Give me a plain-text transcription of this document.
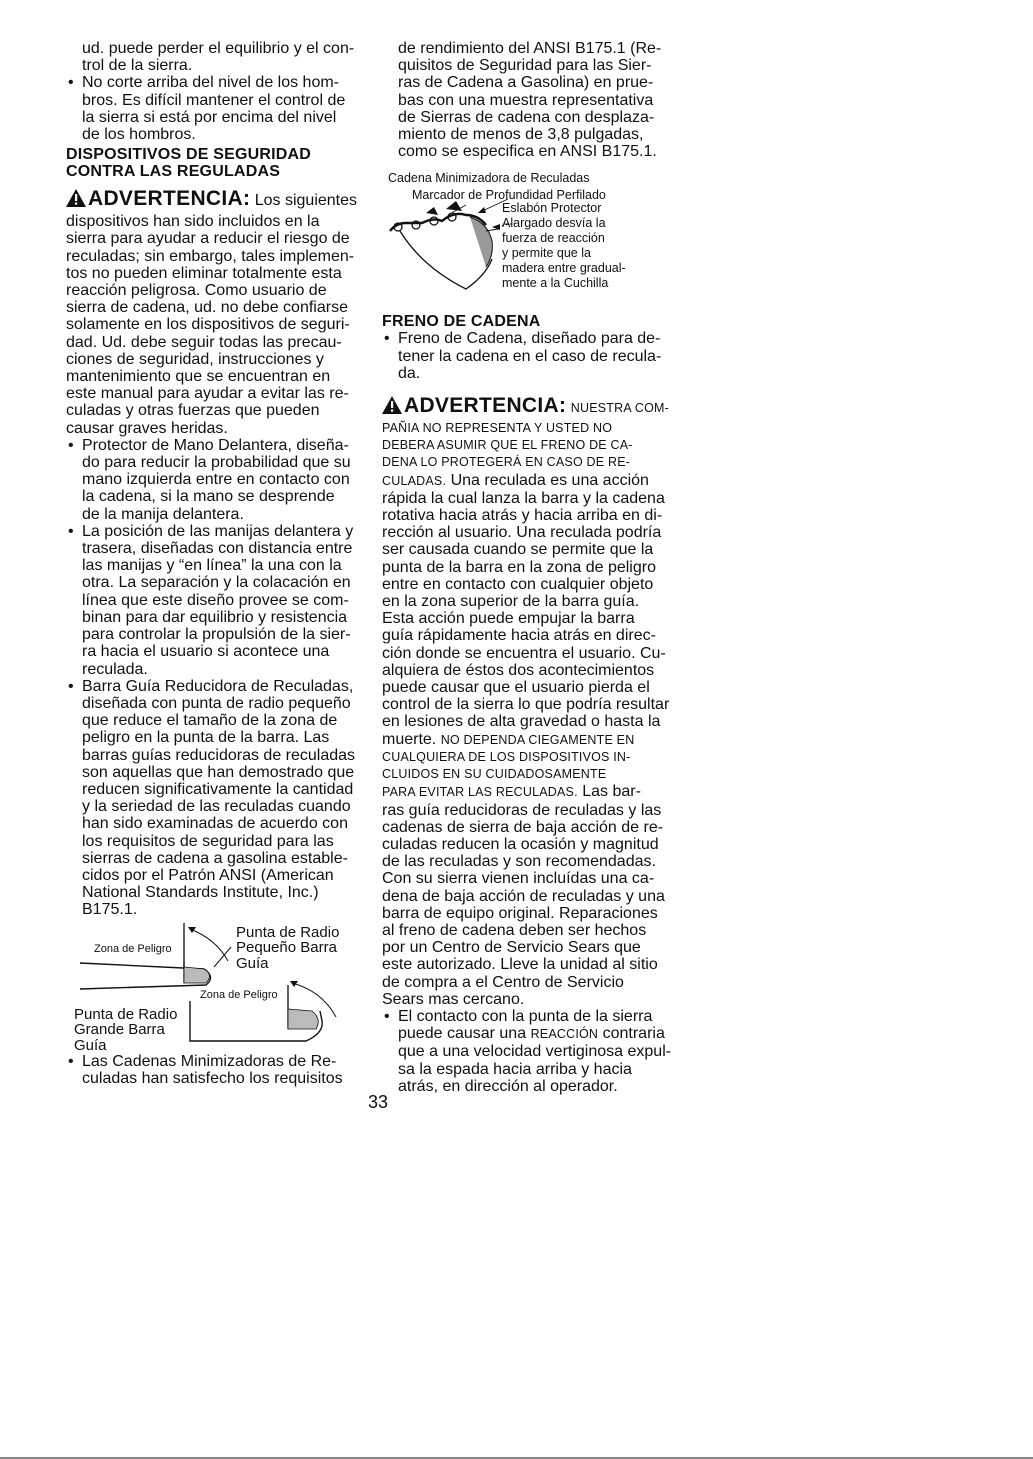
ud. puede perder el equilibrio y el con-

trol de la sierra.

• No corte arriba del nivel de los hom-

bros. Es difícil mantener el control de

la sierra si está por encima del nivel

de los hombros.

DISPOSITIVOS DE SEGURIDAD

CONTRA LAS REGULADAS

ADVERTENCIA: Los siguientes

dispositivos han sido incluidos en la

sierra para ayudar a reducir el riesgo de

reculadas; sin embargo, tales implemen-

tos no pueden eliminar totalmente esta

reacción peligrosa. Como usuario de

sierra de cadena, ud. no debe confiarse

solamente en los dispositivos de seguri-

dad. Ud. debe seguir todas las precau-

ciones de seguridad, instrucciones y

mantenimiento que se encuentran en

este manual para ayudar a evitar las re-

culadas y otras fuerzas que pueden

causar graves heridas.

• Protector de Mano Delantera, diseña-

do para reducir la probabilidad que su

mano izquierda entre en contacto con

la cadena, si la mano se desprende

de la manija delantera.

• La posición de las manijas delantera y

trasera, diseñadas con distancia entre

las manijas y “en línea” la una con la

otra. La separación y la colacación en

línea que este diseño provee se com-

binan para dar equilibrio y resistencia

para controlar la propulsión de la sier-

ra hacia el usuario si acontece una

reculada.

• Barra Guía Reducidora de Reculadas,

diseñada con punta de radio pequeño

que reduce el tamaño de la zona de

peligro en la punta de la barra. Las

barras guías reducidoras de reculadas

son aquellas que han demostrado que

reducen significativamente la cantidad

y la seriedad de las reculadas cuando

han sido examinadas de acuerdo con

los requisitos de seguridad para las

sierras de cadena a gasolina estable-

cidos por el Patrón ANSI (American

National Standards Institute, Inc.)

B175.1.

Punta de Radio
Pequeño Barra
Guía
Zona de Peligro
Zona de Peligro
Punta de Radio
Grande Barra
Guía

• Las Cadenas Minimizadoras de Re-

culadas han satisfecho los requisitos

de rendimiento del ANSI B175.1 (Re-

quisitos de Seguridad para las Sier-

ras de Cadena a Gasolina) en prue-

bas con una muestra representativa

de Sierras de cadena con desplaza-

miento de menos de 3,8 pulgadas,

como se especifica en ANSI B175.1.

Cadena Minimizadora de Reculadas
Marcador de Profundidad Perfilado
Eslabón Protector
Alargado desvía la
fuerza de reacción
y permite que la
madera entre gradual-
mente a la Cuchilla
FRENO DE CADENA

• Freno de Cadena, diseñado para de-

tener la cadena en el caso de recula-

da.

ADVERTENCIA: NUESTRA COM-

PAÑIA NO REPRESENTA Y USTED NO

DEBERA ASUMIR QUE EL FRENO DE CA-

DENA LO PROTEGERÁ EN CASO DE RE-

CULADAS. Una reculada es una acción

rápida la cual lanza la barra y la cadena

rotativa hacia atrás y hacia arriba en di-

rección al usuario. Una reculada podría

ser causada cuando se permite que la

punta de la barra en la zona de peligro

entre en contacto con cualquier objeto

en la zona superior de la barra guía.

Esta acción puede empujar la barra

guía rápidamente hacia atrás en direc-

ción donde se encuentra el usuario. Cu-

alquiera de éstos dos acontecimientos

puede causar que el usuario pierda el

control de la sierra lo que podría resultar

en lesiones de alta gravedad o hasta la

muerte. NO DEPENDA CIEGAMENTE EN

CUALQUIERA DE LOS DISPOSITIVOS IN-

CLUIDOS EN SU CUIDADOSAMENTE

PARA EVITAR LAS RECULADAS. Las bar-

ras guía reducidoras de reculadas y las

cadenas de sierra de baja acción de re-

culadas reducen la ocasión y magnitud

de las reculadas y son recomendadas.

Con su sierra vienen incluídas una ca-

dena de baja acción de reculadas y una

barra de equipo original. Reparaciones

al freno de cadena deben ser hechos

por un Centro de Servicio Sears que

este autorizado. Lleve la unidad al sitio

de compra a el Centro de Servicio

Sears mas cercano.

• El contacto con la punta de la sierra

puede causar una REACCIÓN contraria

que a una velocidad vertiginosa expul-

sa la espada hacia arriba y hacia

atrás, en dirección al operador.

33
